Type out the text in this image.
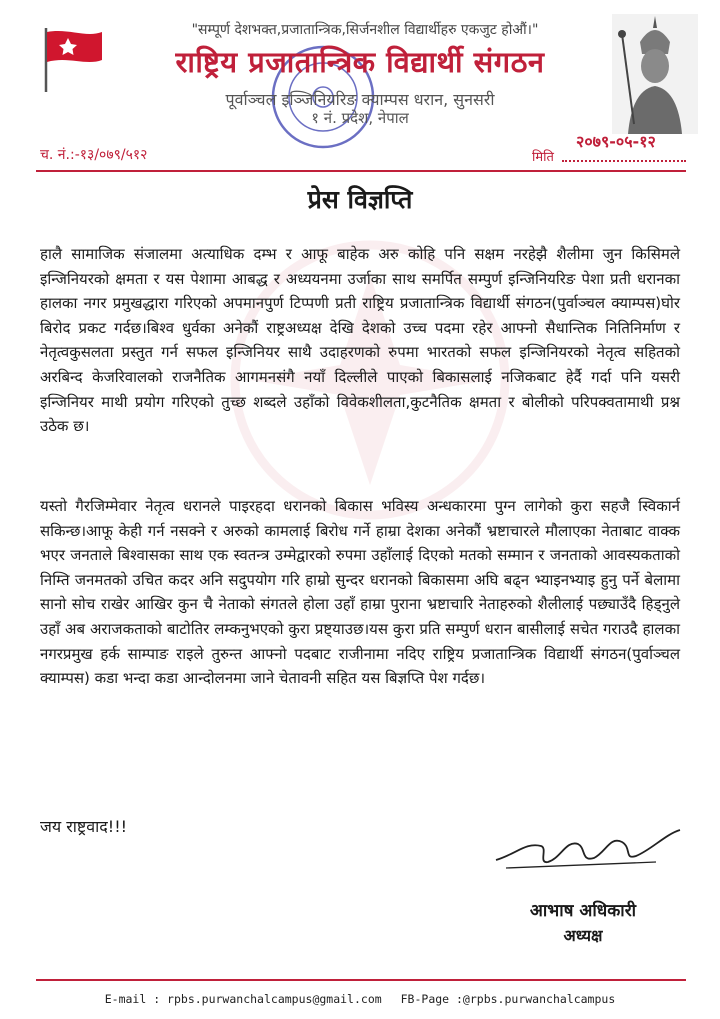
"सम्पूर्ण देशभक्त,प्रजातान्त्रिक,सिर्जनशील विद्यार्थीहरु एकजुट होऔं।"
राष्ट्रिय प्रजातान्त्रिक विद्यार्थी संगठन
पूर्वाञ्चल इञ्जिनियरिङ क्याम्पस धरान, सुनसरी
१ नं. प्रदेश, नेपाल
च. नं.:-१३/०७९/५१२
२०७९-०५-१२
मिति
प्रेस विज्ञप्ति
हालै सामाजिक संजालमा अत्याधिक दम्भ र आफू बाहेक अरु कोहि पनि सक्षम नरहेझै शैलीमा जुन किसिमले इन्जिनियरको क्षमता र यस पेशामा आबद्ध र अध्ययनमा उर्जाका साथ समर्पित सम्पुर्ण इन्जिनियरिङ पेशा प्रती धरानका हालका नगर प्रमुखद्धारा गरिएको अपमानपुर्ण टिप्पणी प्रती राष्ट्रिय प्रजातान्त्रिक विद्यार्थी संगठन(पुर्वाञ्चल क्याम्पस)घोर बिरोद प्रकट गर्दछ।बिश्व धुर्वका अनेकौं राष्ट्रअध्यक्ष देखि देशको उच्च पदमा रहेर आफ्नो सैधान्तिक नितिनिर्माण र नेतृत्वकुसलता प्रस्तुत गर्न सफल इन्जिनियर साथै उदाहरणको रुपमा भारतको सफल इन्जिनियरको नेतृत्व सहितको अरबिन्द केजरिवालको राजनैतिक आगमनसंगै नयाँ दिल्लीले पाएको बिकासलाई नजिकबाट हेर्दै गर्दा पनि यसरी इन्जिनियर माथी प्रयोग गरिएको तुच्छ शब्दले उहाँको विवेकशीलता,कुटनैतिक क्षमता र बोलीको परिपक्वतामाथी प्रश्न उठेक छ।
यस्तो गैरजिम्मेवार नेतृत्व धरानले पाइरहदा धरानको बिकास भविस्य अन्धकारमा पुग्न लागेको कुरा सहजै स्विकार्न सकिन्छ।आफू केही गर्न नसक्ने र अरुको कामलाई बिरोध गर्ने हाम्रा देशका अनेकौं भ्रष्टाचारले मौलाएका नेताबाट वाक्क भएर जनताले बिश्वासका साथ एक स्वतन्त्र उम्मेद्वारको रुपमा उहाँलाई दिएको मतको सम्मान र जनताको आवस्यकताको निम्ति जनमतको उचित कदर अनि सदुपयोग गरि हाम्रो सुन्दर धरानको बिकासमा अघि बढ्न भ्याइनभ्याइ हुनु पर्ने बेलामा सानो सोच राखेर आखिर कुन चै नेताको संगतले होला उहाँ हाम्रा पुराना भ्रष्टाचारि नेताहरुको शैलीलाई पछ्याउँदै हिड्नुले उहाँ अब अराजकताको बाटोतिर लम्कनुभएको कुरा प्रष्ट्याउछ।यस कुरा प्रति सम्पुर्ण धरान बासीलाई सचेत गराउदै हालका नगरप्रमुख हर्क साम्पाङ राइले तुरुन्त आफ्नो पदबाट राजीनामा नदिए राष्ट्रिय प्रजातान्त्रिक विद्यार्थी संगठन(पुर्वाञ्चल क्याम्पस) कडा भन्दा कडा आन्दोलनमा जाने चेतावनी सहित यस बिज्ञप्ति पेश गर्दछ।
जय राष्ट्रवाद!!!
आभाष अधिकारी
अध्यक्ष
E-mail : rpbs.purwanchalcampus@gmail.com FB-Page :@rpbs.purwanchalcampus
